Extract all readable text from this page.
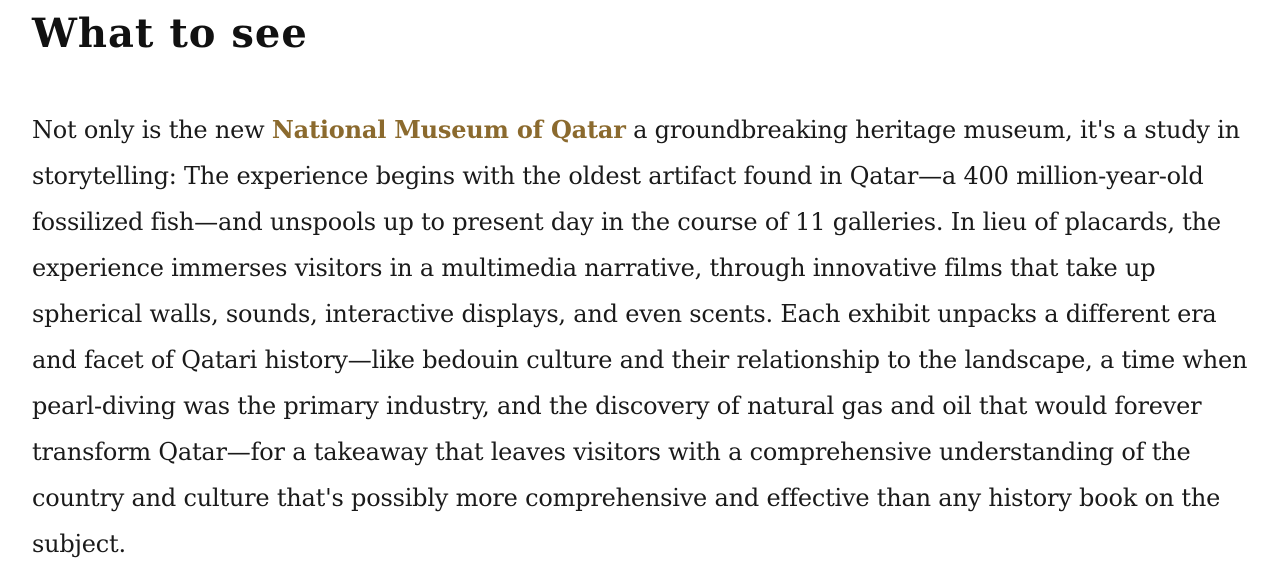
What to see

Not only is the new National Museum of Qatar a groundbreaking heritage museum, it's a study in storytelling: The experience begins with the oldest artifact found in Qatar—a 400 million-year-old fossilized fish—and unspools up to present day in the course of 11 galleries. In lieu of placards, the experience immerses visitors in a multimedia narrative, through innovative films that take up spherical walls, sounds, interactive displays, and even scents. Each exhibit unpacks a different era and facet of Qatari history—like bedouin culture and their relationship to the landscape, a time when pearl-diving was the primary industry, and the discovery of natural gas and oil that would forever transform Qatar—for a takeaway that leaves visitors with a comprehensive understanding of the country and culture that's possibly more comprehensive and effective than any history book on the subject.
